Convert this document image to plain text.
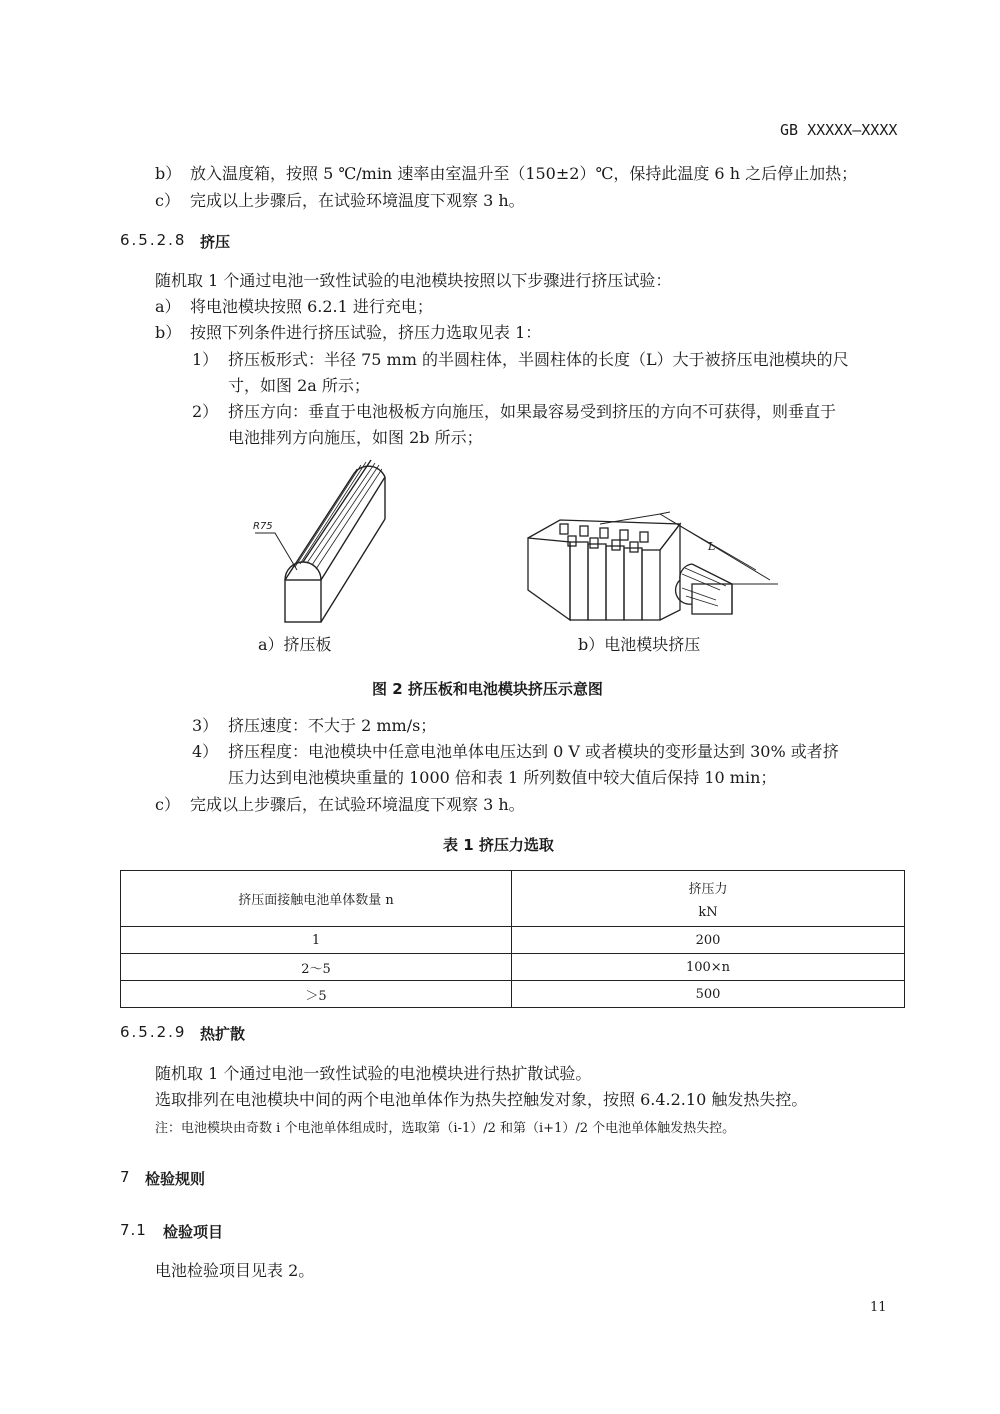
GB XXXXX—XXXX
b） 放入温度箱，按照 5 ℃/min 速率由室温升至（150±2）℃，保持此温度 6 h 之后停止加热；
c） 完成以上步骤后，在试验环境温度下观察 3 h。
6.5.2.8 挤压
随机取 1 个通过电池一致性试验的电池模块按照以下步骤进行挤压试验：
a） 将电池模块按照 6.2.1 进行充电；
b） 按照下列条件进行挤压试验，挤压力选取见表 1：
1） 挤压板形式：半径 75 mm 的半圆柱体，半圆柱体的长度（L）大于被挤压电池模块的尺
寸，如图 2a 所示；
2） 挤压方向：垂直于电池极板方向施压，如果最容易受到挤压的方向不可获得，则垂直于
电池排列方向施压，如图 2b 所示；
R75
L
a）挤压板	b）电池模块挤压
图 2 挤压板和电池模块挤压示意图
3） 挤压速度：不大于 2 mm/s；
4） 挤压程度：电池模块中任意电池单体电压达到 0 V 或者模块的变形量达到 30% 或者挤
压力达到电池模块重量的 1000 倍和表 1 所列数值中较大值后保持 10 min；
c） 完成以上步骤后，在试验环境温度下观察 3 h。
表 1 挤压力选取
挤压面接触电池单体数量 n	挤压力
kN

1	200
2～5	100×n
＞5	500
6.5.2.9 热扩散
随机取 1 个通过电池一致性试验的电池模块进行热扩散试验。
选取排列在电池模块中间的两个电池单体作为热失控触发对象，按照 6.4.2.10 触发热失控。
注：电池模块由奇数 i 个电池单体组成时，选取第（i-1）/2 和第（i+1）/2 个电池单体触发热失控。
7 检验规则
7.1 检验项目
电池检验项目见表 2。
11
